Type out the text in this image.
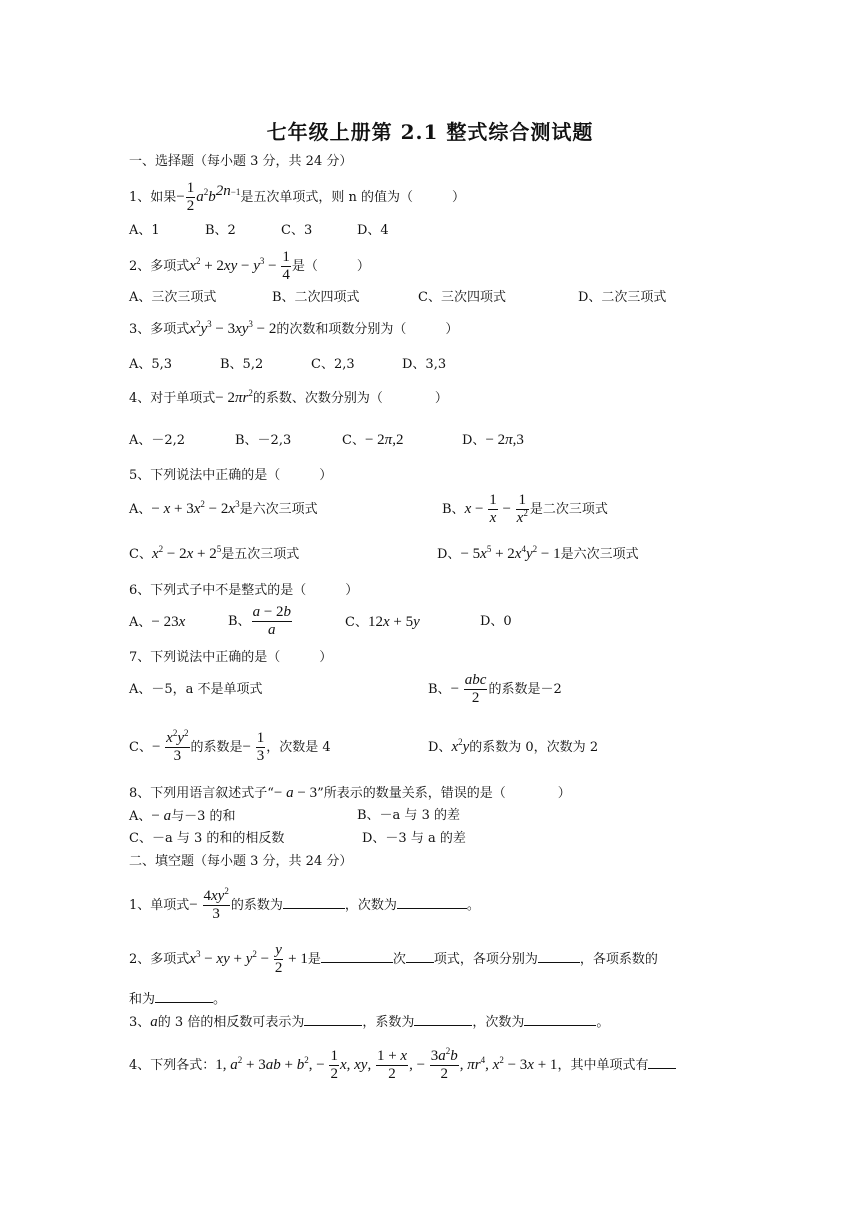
七年级上册第 2.1 整式综合测试题
一、选择题（每小题 3 分，共 24 分）
1、如果− $\frac{1}{2} a^2b^{2n-1}$是五次单项式，则 n 的值为（　　　）
A、1	B、2	C、3	D、4
2、多项式$x^2 + 2xy - y^3 - \frac{1}{4}$ 是（　　　）
A、三次三项式	B、二次四项式	C、三次四项式	D、二次三项式
3、多项式$x^2y^3 - 3xy^3 - 2$的次数和项数分别为（　　　）
A、5,3	B、5,2	C、2,3	D、3,3
4、对于单项式− $2\pi r^2$的系数、次数分别为（　　　　）
A、－2,2	B、－2,3	C、− 2π,2	D、− 2π,3
5、下列说法中正确的是（　　　）
A、− $x + 3x^2 - 2x^3$是六次三项式	B、$x - \frac{1}{x} - \frac{1}{x^2}$ 是二次三项式
C、$x^2 - 2x + 2^5$是五次三项式	D、− $5x^5 + 2x^4y^2 - 1$是六次三项式
6、下列式子中不是整式的是（　　　）
A、− 23x	B、 $\frac{a - 2b}{a}$	C、12x + 5y	D、0
7、下列说法中正确的是（　　　）
A、－5，a 不是单项式	B、− $\frac{\text{abc}}{2}$ 的系数是－2
C、− $\frac{x^2y^2}{3}$ 的系数是− $\frac{1}{3}$ ，次数是 4	D、$x^2y$的系数为 0，次数为 2
8、下列用语言叙述式子“− a − 3”所表示的数量关系，错误的是（　　　　）
A、− a与－3 的和	B、－a 与 3 的差
C、－a 与 3 的和的相反数	D、－3 与 a 的差
二、填空题（每小题 3 分，共 24 分）
1、单项式− $\frac{4xy^2}{3}$ 的系数为	，次数为	。
2、多项式$x^3$ − xy + $y^2 - \frac{y}{2} + 1$是	次 项式，各项分别为	，各项系数的
和为	。
3、a的 3 倍的相反数可表示为	，系数为	，次数为	。
4、下列各式：1, $a^2 + 3ab + b^2$, − $\frac{1}{2} x$, xy, $\frac{1 + x}{2}$ , − $\frac{3a^2b}{2}$ , $\pi r^4$, $x^2 - 3x + 1$，其中单项式有
